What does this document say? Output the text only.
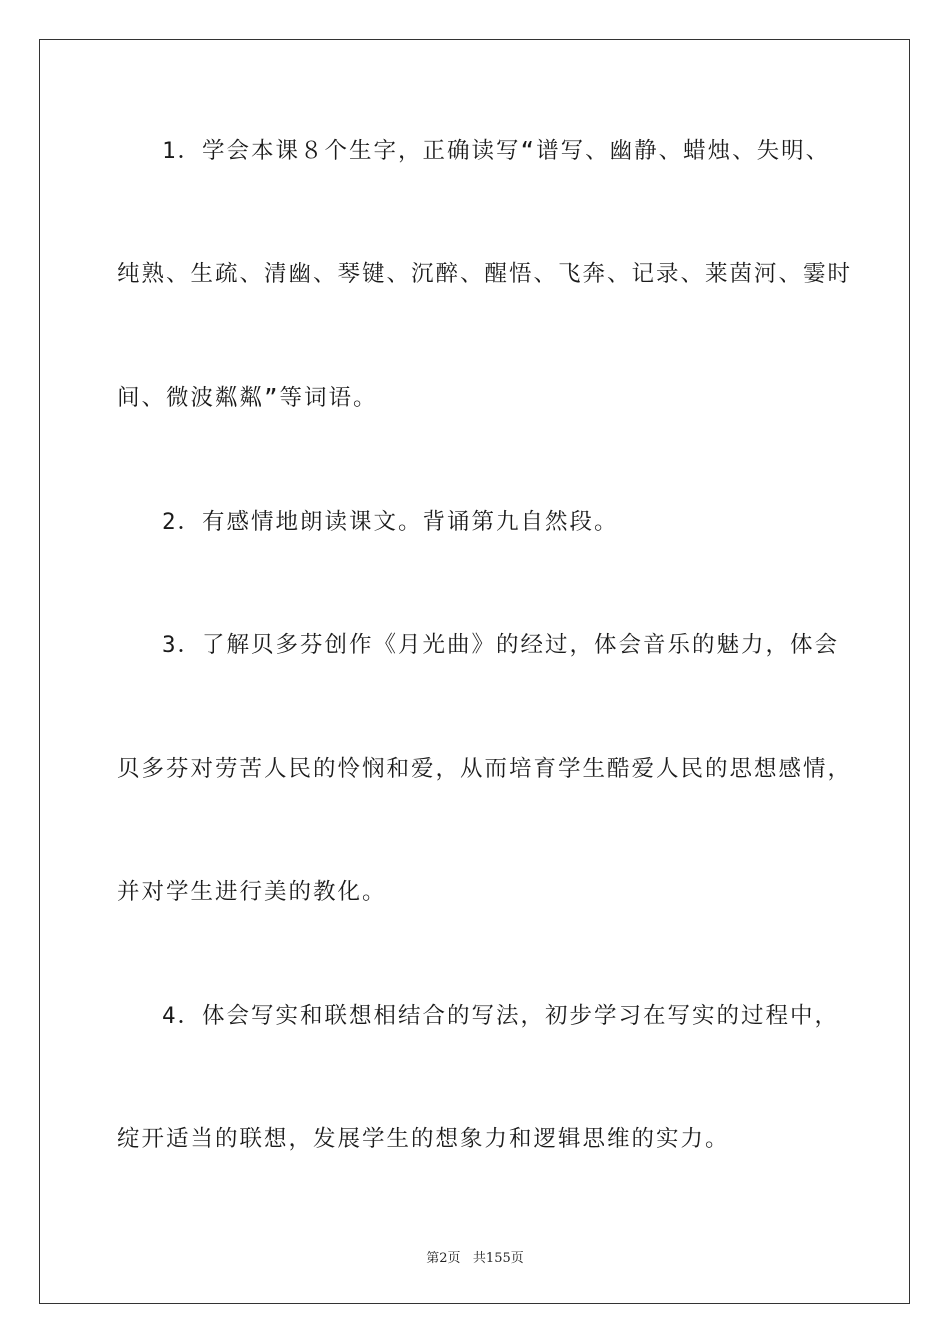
1．学会本课８个生字，正确读写“谱写、幽静、蜡烛、失明、
纯熟、生疏、清幽、琴键、沉醉、醒悟、飞奔、记录、莱茵河、霎时
间、微波粼粼”等词语。
2．有感情地朗读课文。背诵第九自然段。
3．了解贝多芬创作《月光曲》的经过，体会音乐的魅力，体会
贝多芬对劳苦人民的怜悯和爱，从而培育学生酷爱人民的思想感情，
并对学生进行美的教化。
4．体会写实和联想相结合的写法，初步学习在写实的过程中，
绽开适当的联想，发展学生的想象力和逻辑思维的实力。
第2页 共155页
